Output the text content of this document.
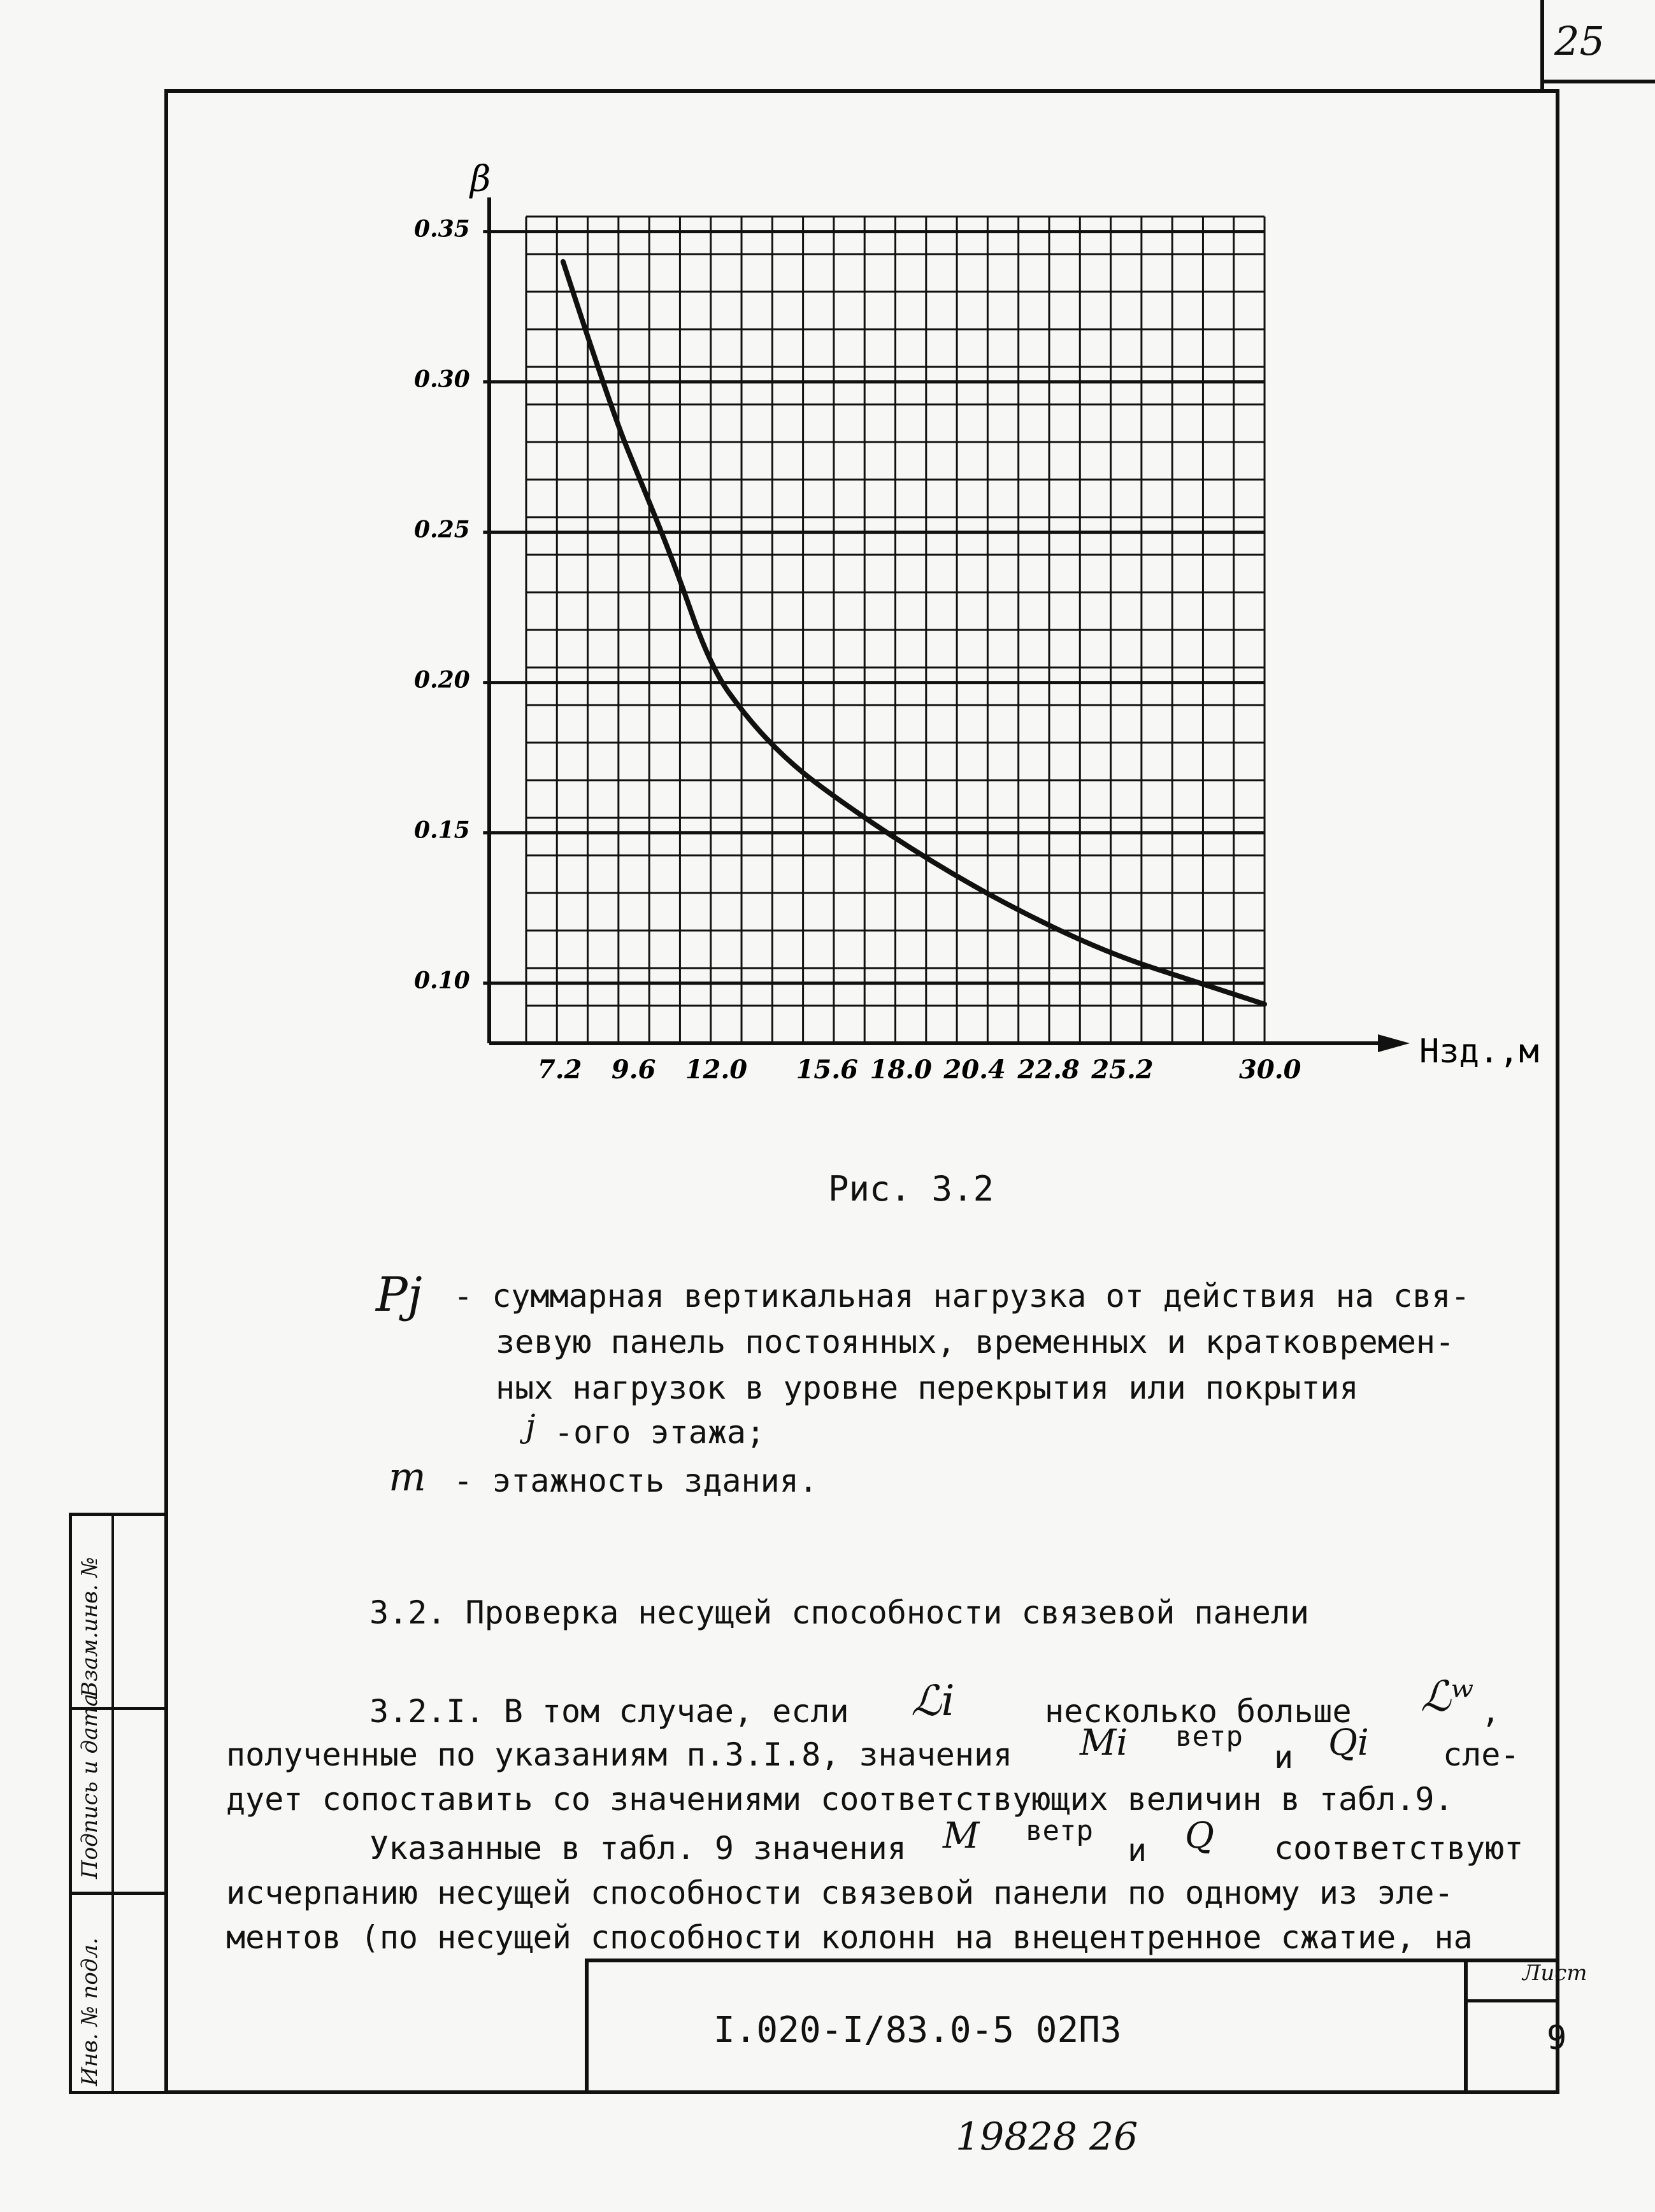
25
Взам.инв. №
Подпись и дата
Инв. № подл.
β
Нзд.,м
0.35
0.30
0.25
0.20
0.15
0.10
7.2 9.6 12.0 15.6 18.0 20.4 22.8 25.2	30.0
Рис. 3.2
Pj - суммарная вертикальная нагрузка от действия на свя-
зевую панель постоянных, временных и кратковремен-
ных нагрузок в уровне перекрытия или покрытия
j -ого этажа;
m - этажность здания.
3.2. Проверка несущей способности связевой панели
3.2.I. В том случае, если ℒi	несколько больше ℒʷ ,
полученные по указаниям п.3.I.8, значения Mi ветр
и Qi сле-
дует сопоставить со значениями соответствующих величин в табл.9.
Указанные в табл. 9 значения M ветр
и Q соответствуют
исчерпанию несущей способности связевой панели по одному из эле-
ментов (по несущей способности колонн на внецентренное сжатие, на
I.020-I/83.0-5 02ПЗ
Лист
9
19828 26
